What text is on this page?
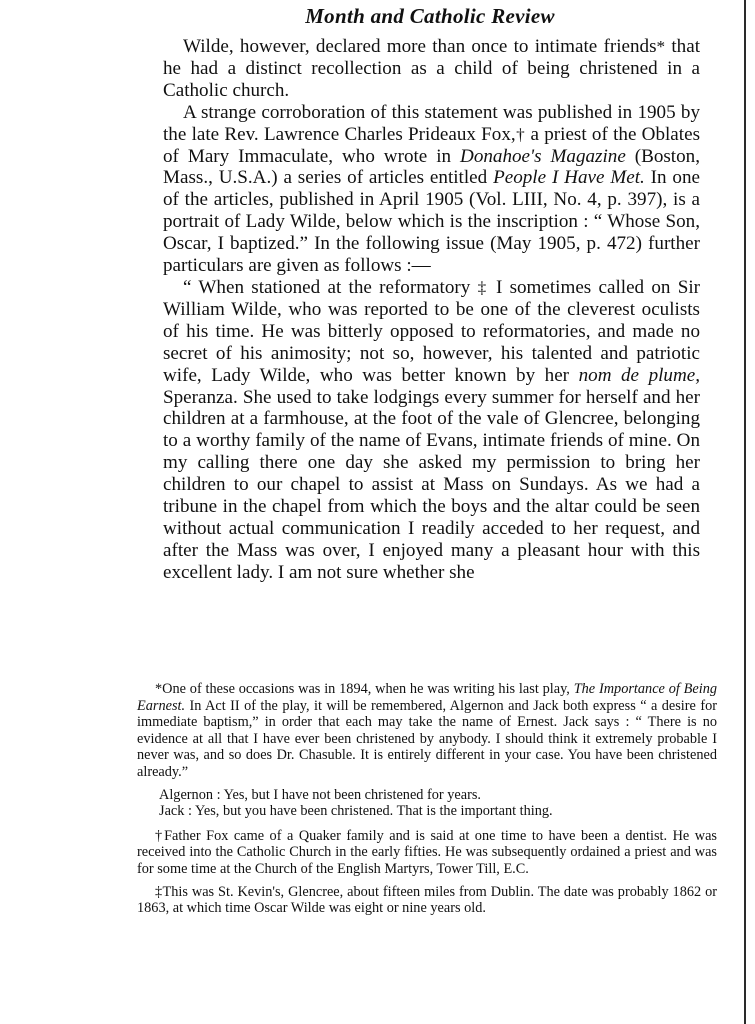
Month and Catholic Review

Wilde, however, declared more than once to intimate friends* that he had a distinct recollection as a child of being christened in a Catholic church.

A strange corroboration of this statement was published in 1905 by the late Rev. Lawrence Charles Prideaux Fox,† a priest of the Oblates of Mary Immaculate, who wrote in Donahoe's Magazine (Boston, Mass., U.S.A.) a series of articles entitled People I Have Met. In one of the articles, published in April 1905 (Vol. LIII, No. 4, p. 397), is a portrait of Lady Wilde, below which is the inscription : “ Whose Son, Oscar, I baptized.” In the following issue (May 1905, p. 472) further particulars are given as follows :—

“ When stationed at the reformatory ‡ I sometimes called on Sir William Wilde, who was reported to be one of the cleverest oculists of his time. He was bitterly opposed to reformatories, and made no secret of his animosity; not so, however, his talented and patriotic wife, Lady Wilde, who was better known by her nom de plume, Speranza. She used to take lodgings every summer for herself and her children at a farmhouse, at the foot of the vale of Glencree, belonging to a worthy family of the name of Evans, intimate friends of mine. On my calling there one day she asked my permission to bring her children to our chapel to assist at Mass on Sundays. As we had a tribune in the chapel from which the boys and the altar could be seen without actual communication I readily acceded to her request, and after the Mass was over, I enjoyed many a pleasant hour with this excellent lady. I am not sure whether she

*One of these occasions was in 1894, when he was writing his last play, The Importance of Being Earnest. In Act II of the play, it will be remembered, Algernon and Jack both express “ a desire for immediate baptism,” in order that each may take the name of Ernest. Jack says : “ There is no evidence at all that I have ever been christened by anybody. I should think it extremely probable I never was, and so does Dr. Chasuble. It is entirely different in your case. You have been christened already.”

Algernon : Yes, but I have not been christened for years.

Jack : Yes, but you have been christened. That is the important thing.

†Father Fox came of a Quaker family and is said at one time to have been a dentist. He was received into the Catholic Church in the early fifties. He was subsequently ordained a priest and was for some time at the Church of the English Martyrs, Tower Till, E.C.

‡This was St. Kevin's, Glencree, about fifteen miles from Dublin. The date was probably 1862 or 1863, at which time Oscar Wilde was eight or nine years old.
